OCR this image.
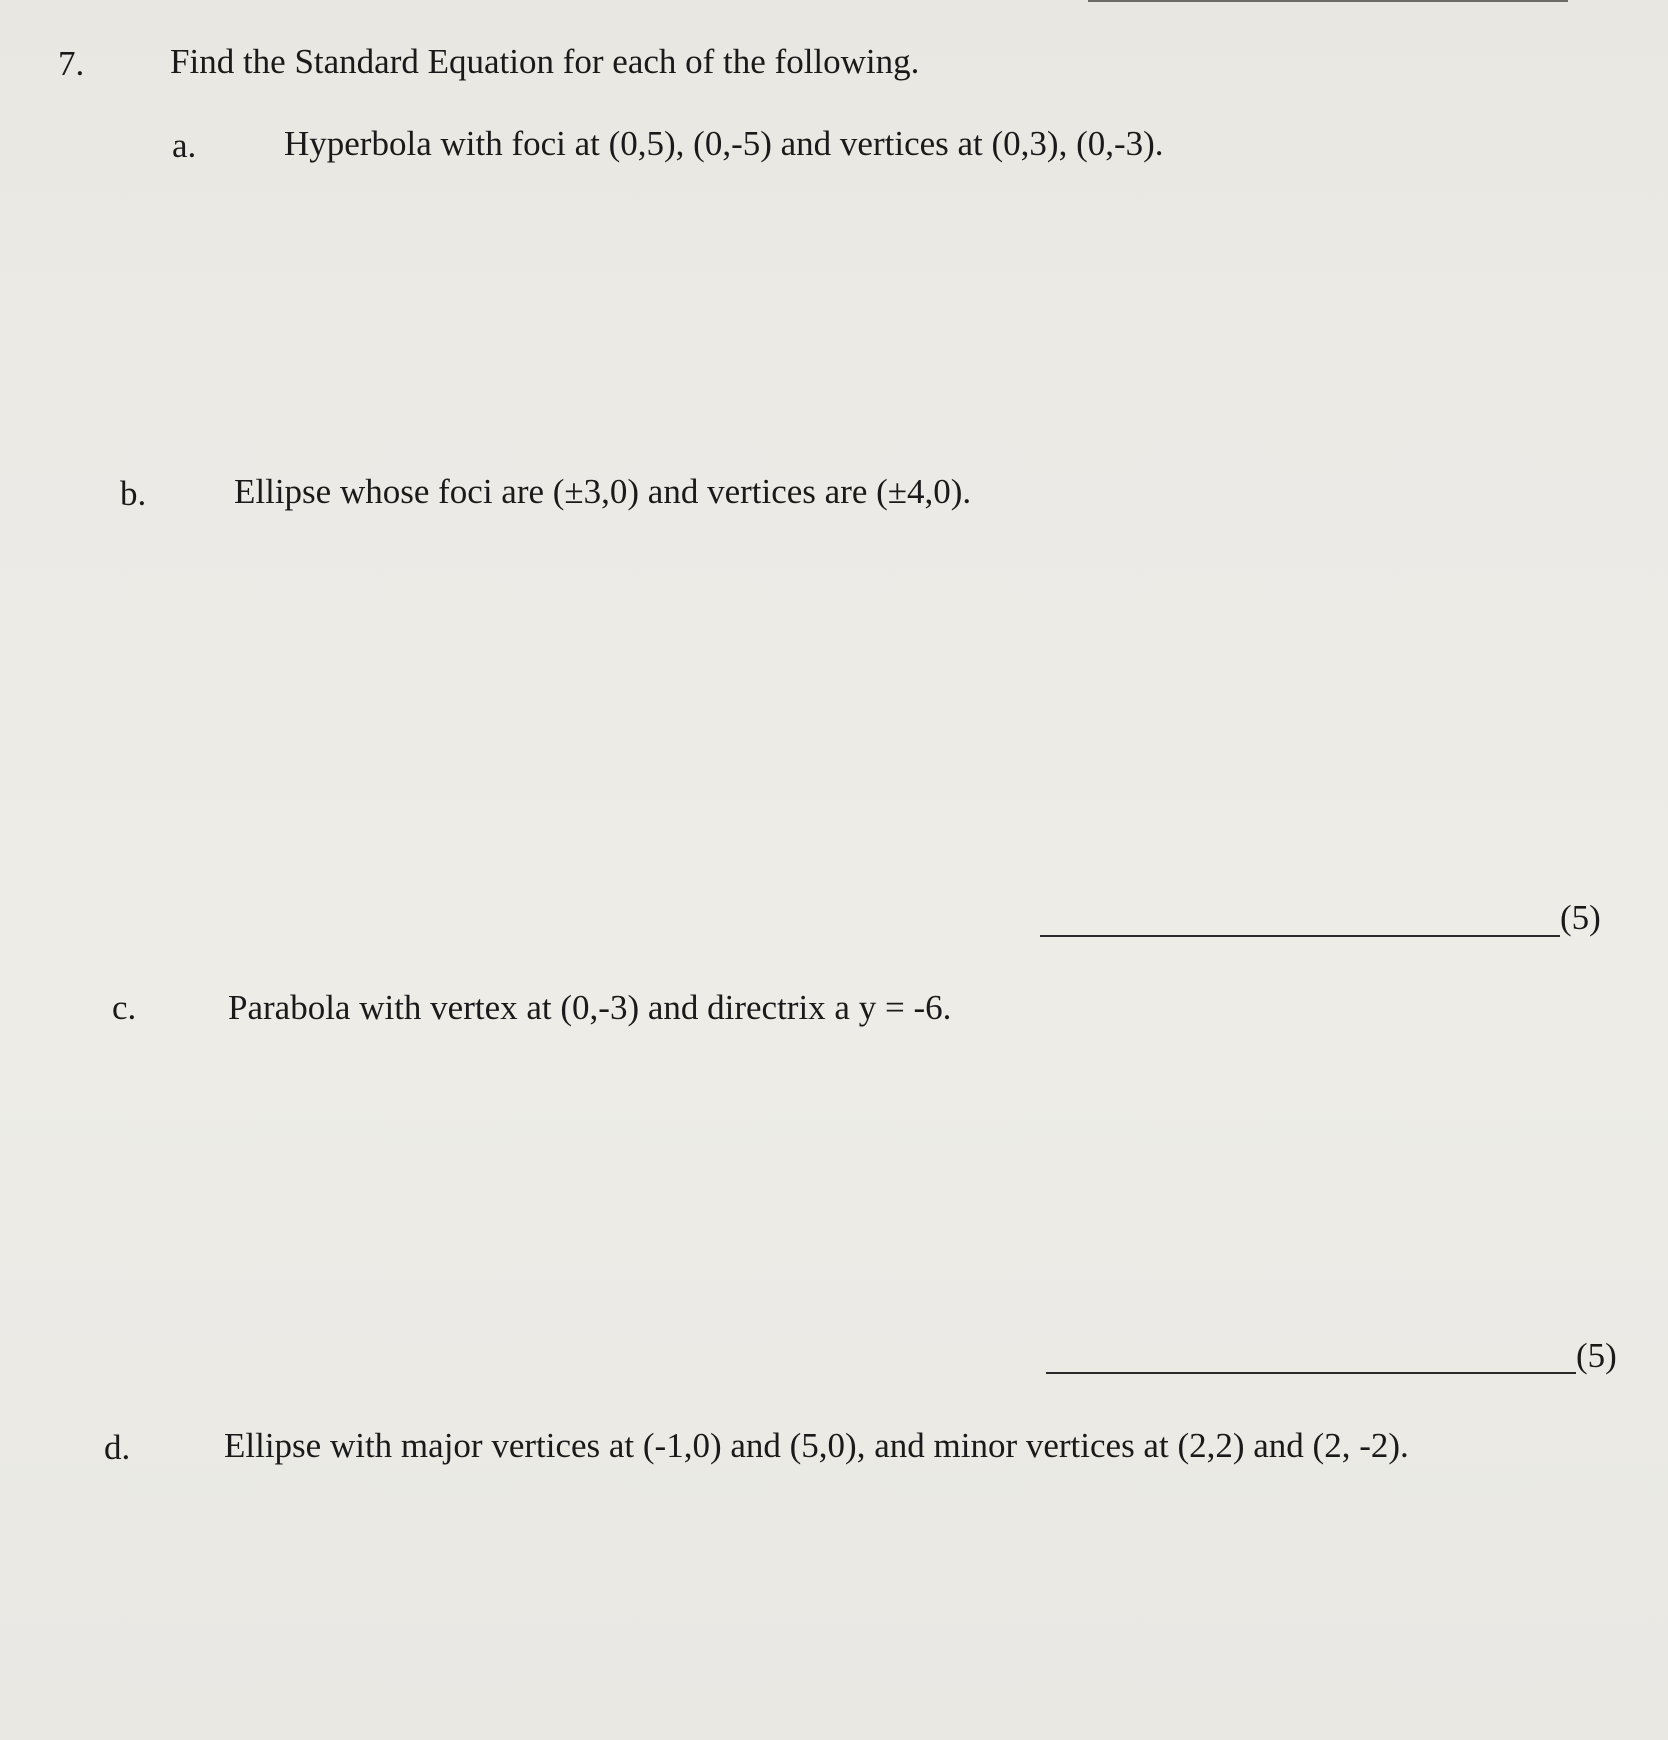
7. Find the Standard Equation for each of the following.
a.	Hyperbola with foci at (0,5), (0,-5) and vertices at (0,3), (0,-3).
b.	Ellipse whose foci are (±3,0) and vertices are (±4,0).
(5)
c.	Parabola with vertex at (0,-3) and directrix a y = -6.
(5)
d.	Ellipse with major vertices at (-1,0) and (5,0), and minor vertices at (2,2) and (2, -2).
